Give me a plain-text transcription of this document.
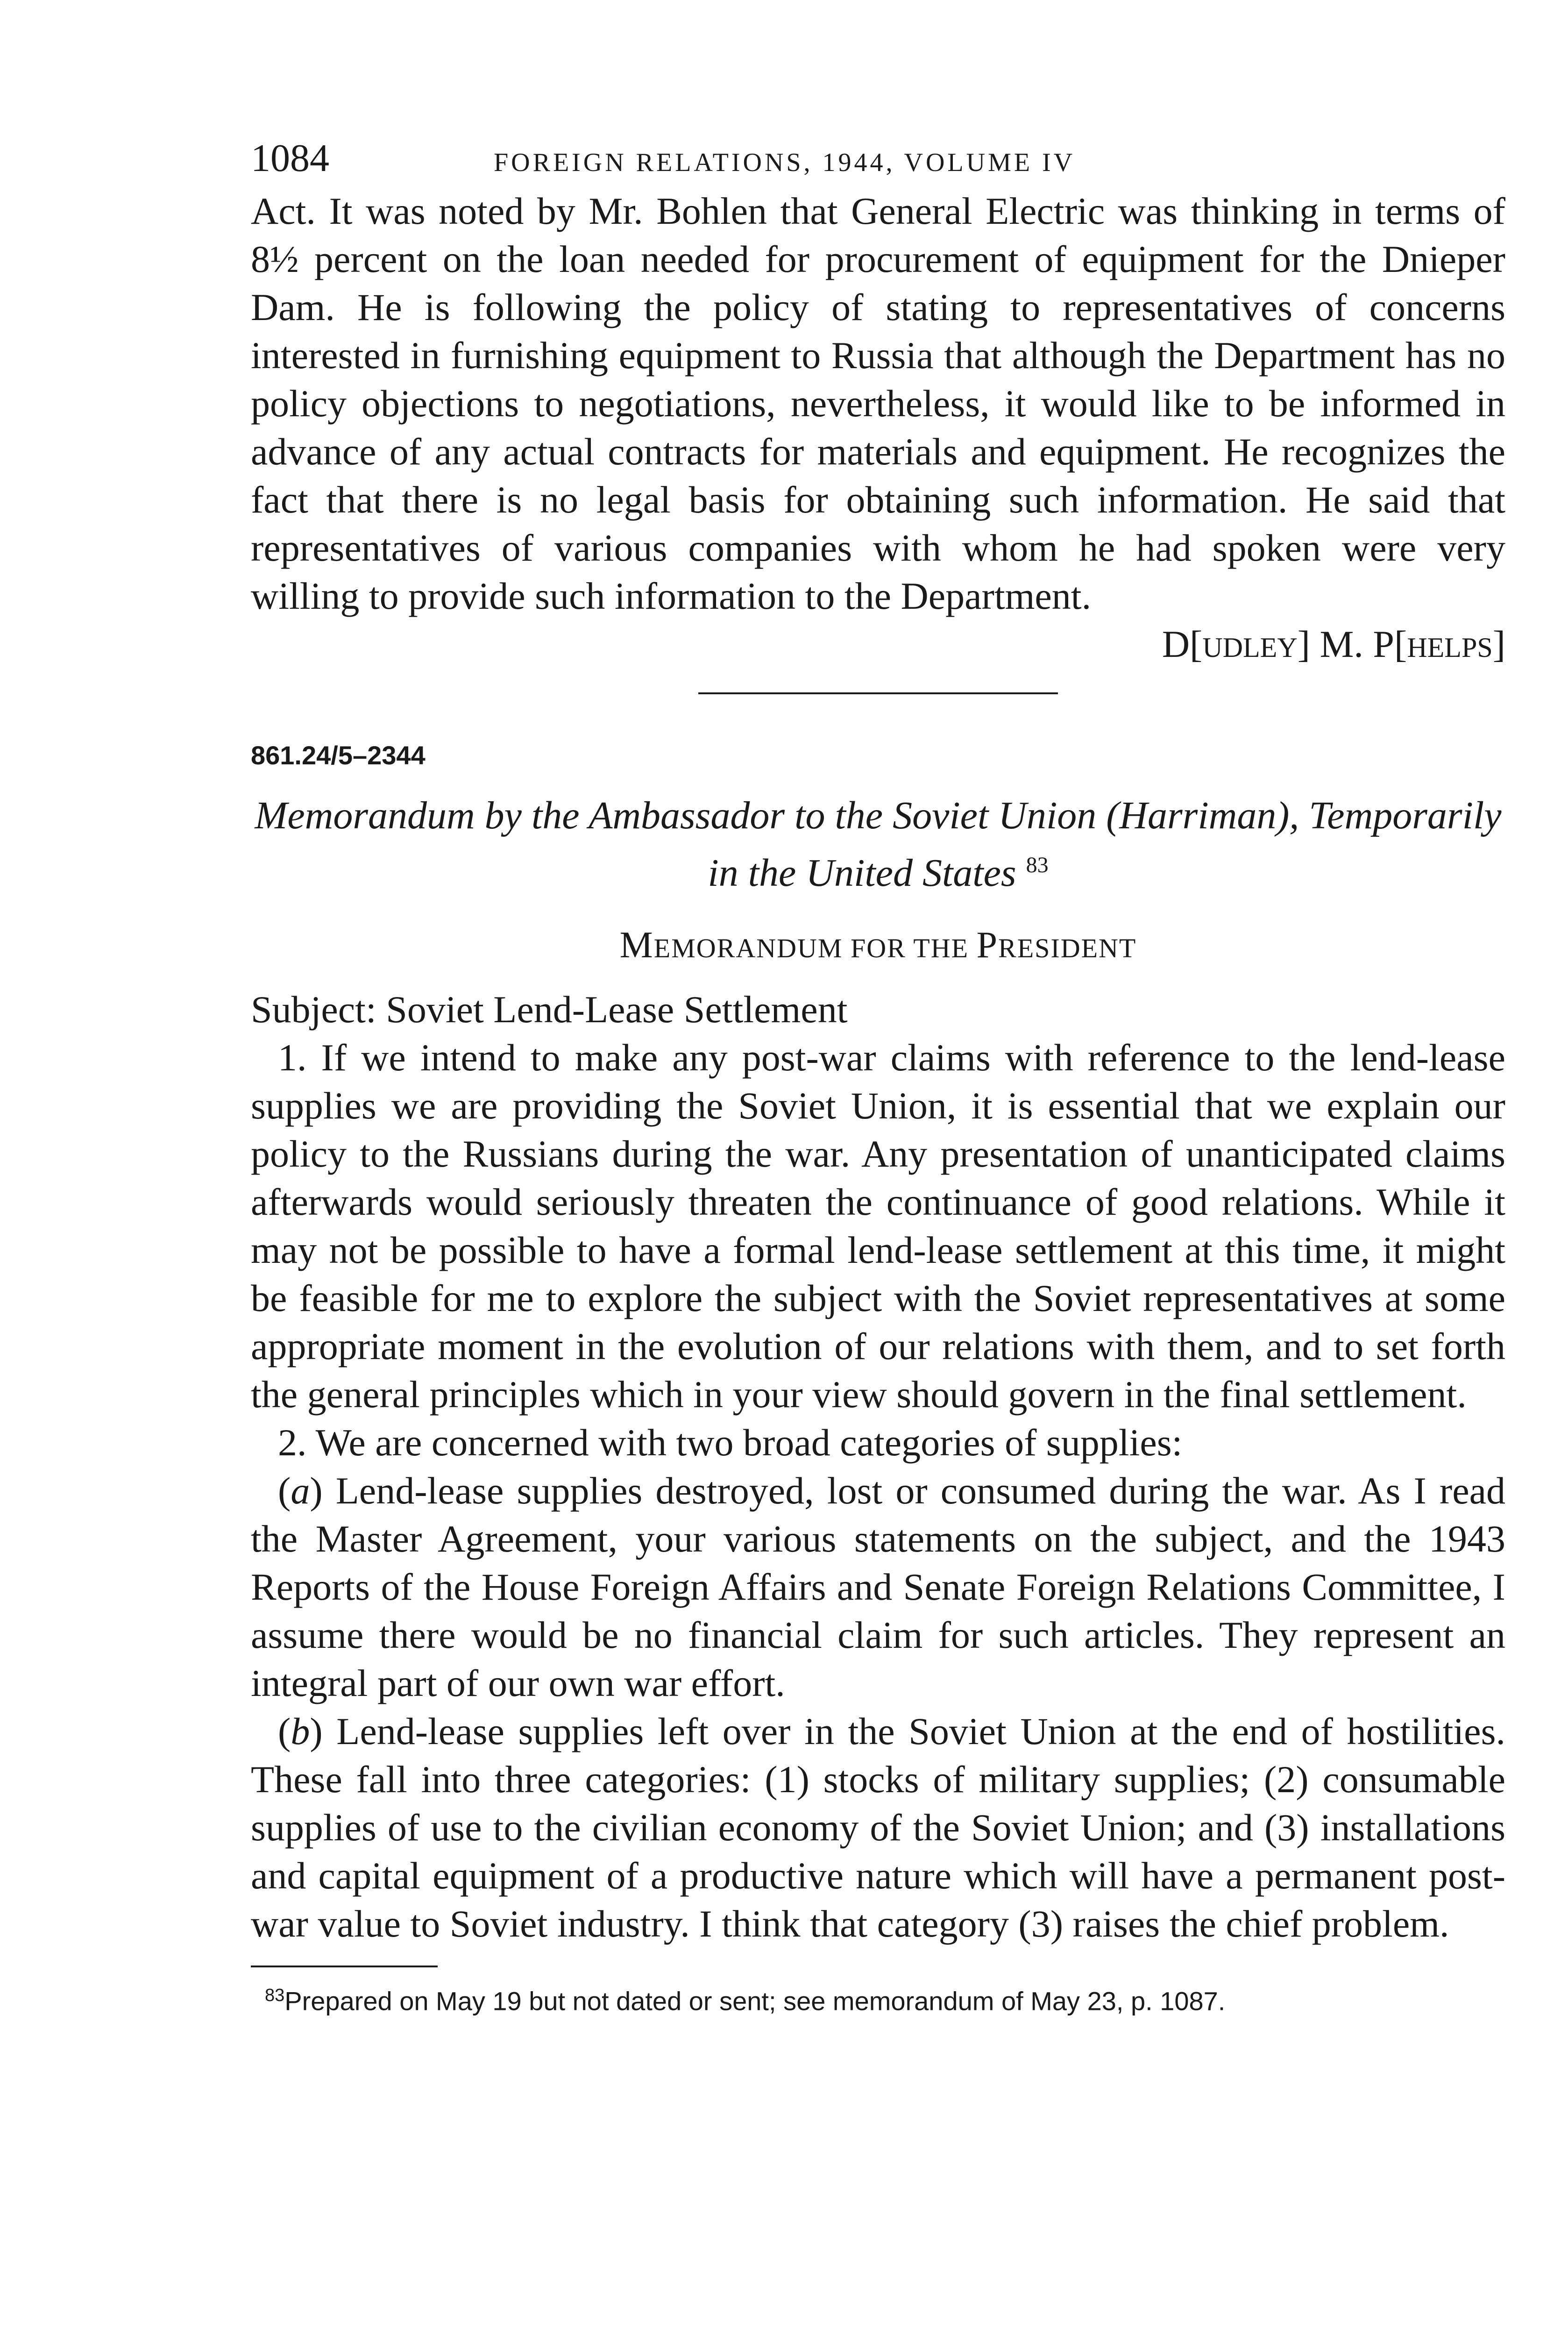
1084	FOREIGN RELATIONS, 1944, VOLUME IV

Act. It was noted by Mr. Bohlen that General Electric was thinking in terms of 8½ percent on the loan needed for procurement of equipment for the Dnieper Dam. He is following the policy of stating to representatives of concerns interested in furnishing equipment to Russia that although the Department has no policy objections to negotiations, nevertheless, it would like to be informed in advance of any actual contracts for materials and equipment. He recognizes the fact that there is no legal basis for obtaining such information. He said that representatives of various companies with whom he had spoken were very willing to provide such information to the Department.

D[UDLEY] M. P[HELPS]
861.24/5–2344
Memorandum by the Ambassador to the Soviet Union (Harriman), Temporarily in the United States $^{83}$
MEMORANDUM FOR THE PRESIDENT

Subject: Soviet Lend-Lease Settlement

1. If we intend to make any post-war claims with reference to the lend-lease supplies we are providing the Soviet Union, it is essential that we explain our policy to the Russians during the war. Any presentation of unanticipated claims afterwards would seriously threaten the continuance of good relations. While it may not be possible to have a formal lend-lease settlement at this time, it might be feasible for me to explore the subject with the Soviet representatives at some appropriate moment in the evolution of our relations with them, and to set forth the general principles which in your view should govern in the final settlement.

2. We are concerned with two broad categories of supplies:

(a) Lend-lease supplies destroyed, lost or consumed during the war. As I read the Master Agreement, your various statements on the subject, and the 1943 Reports of the House Foreign Affairs and Senate Foreign Relations Committee, I assume there would be no financial claim for such articles. They represent an integral part of our own war effort.

(b) Lend-lease supplies left over in the Soviet Union at the end of hostilities. These fall into three categories: (1) stocks of military supplies; (2) consumable supplies of use to the civilian economy of the Soviet Union; and (3) installations and capital equipment of a productive nature which will have a permanent post-war value to Soviet industry. I think that category (3) raises the chief problem.

$^{83}$Prepared on May 19 but not dated or sent; see memorandum of May 23, p. 1087.
